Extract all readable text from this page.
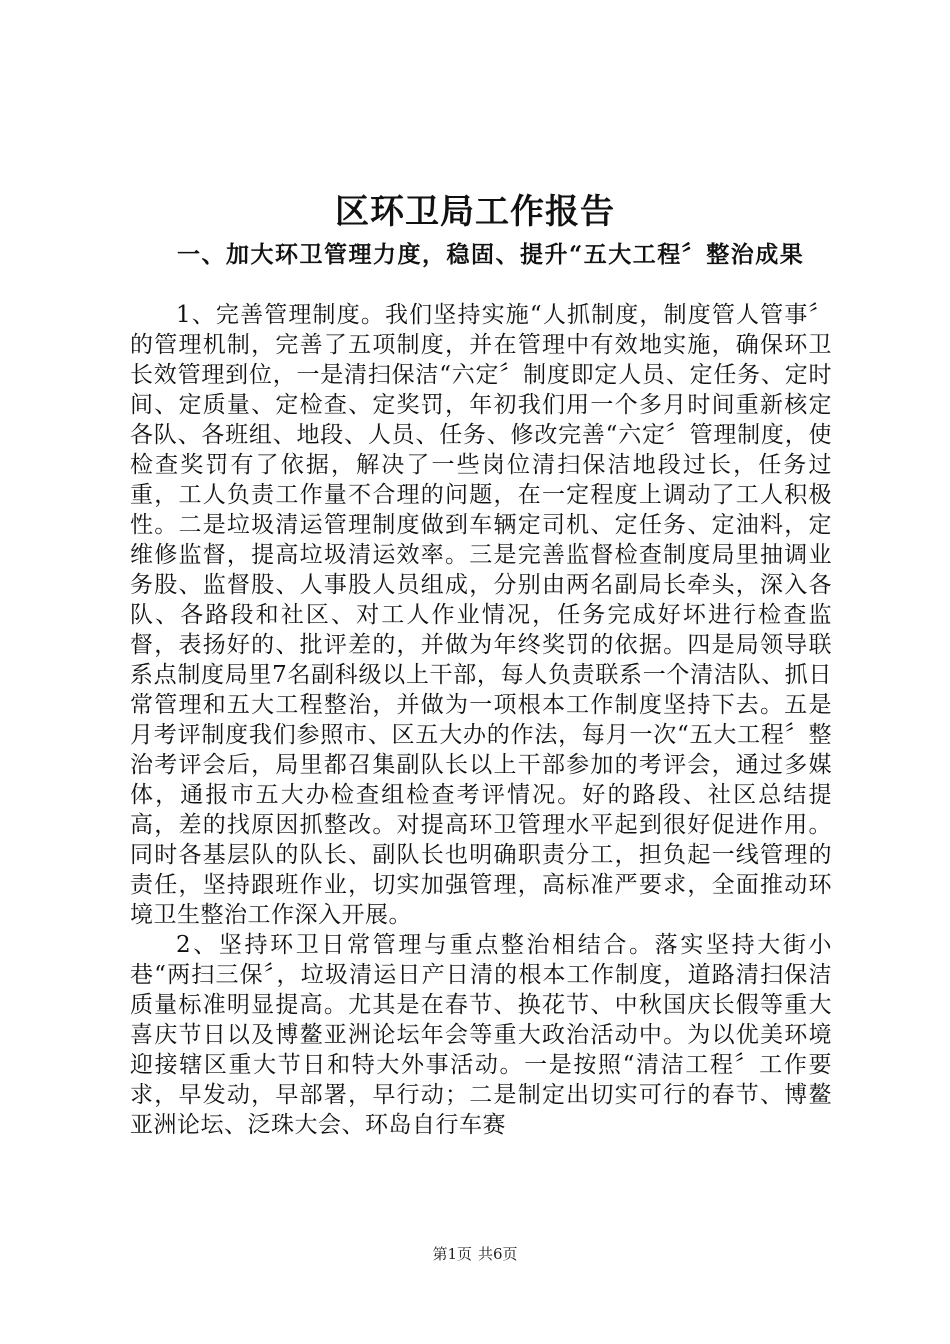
区环卫局工作报告
一、加大环卫管理力度，稳固、提升“五大工程〞整治成果

1、完善管理制度。我们坚持实施“人抓制度，制度管人管事〞的管理机制，完善了五项制度，并在管理中有效地实施，确保环卫长效管理到位，一是清扫保洁“六定〞制度即定人员、定任务、定时间、定质量、定检查、定奖罚，年初我们用一个多月时间重新核定各队、各班组、地段、人员、任务、修改完善“六定〞管理制度，使检查奖罚有了依据，解决了一些岗位清扫保洁地段过长，任务过重，工人负责工作量不合理的问题，在一定程度上调动了工人积极性。二是垃圾清运管理制度做到车辆定司机、定任务、定油料，定维修监督，提高垃圾清运效率。三是完善监督检查制度局里抽调业务股、监督股、人事股人员组成，分别由两名副局长牵头，深入各队、各路段和社区、对工人作业情况，任务完成好坏进行检查监督，表扬好的、批评差的，并做为年终奖罚的依据。四是局领导联系点制度局里7名副科级以上干部，每人负责联系一个清洁队、抓日常管理和五大工程整治，并做为一项根本工作制度坚持下去。五是月考评制度我们参照市、区五大办的作法，每月一次“五大工程〞整治考评会后，局里都召集副队长以上干部参加的考评会，通过多媒体，通报市五大办检查组检查考评情况。好的路段、社区总结提高，差的找原因抓整改。对提高环卫管理水平起到很好促进作用。同时各基层队的队长、副队长也明确职责分工，担负起一线管理的责任，坚持跟班作业，切实加强管理，高标准严要求，全面推动环境卫生整治工作深入开展。

2、坚持环卫日常管理与重点整治相结合。落实坚持大街小巷“两扫三保〞，垃圾清运日产日清的根本工作制度，道路清扫保洁质量标准明显提高。尤其是在春节、换花节、中秋国庆长假等重大喜庆节日以及博鳌亚洲论坛年会等重大政治活动中。为以优美环境迎接辖区重大节日和特大外事活动。一是按照“清洁工程〞工作要求，早发动，早部署，早行动；二是制定出切实可行的春节、博鳌亚洲论坛、泛珠大会、环岛自行车赛

第1页 共6页
